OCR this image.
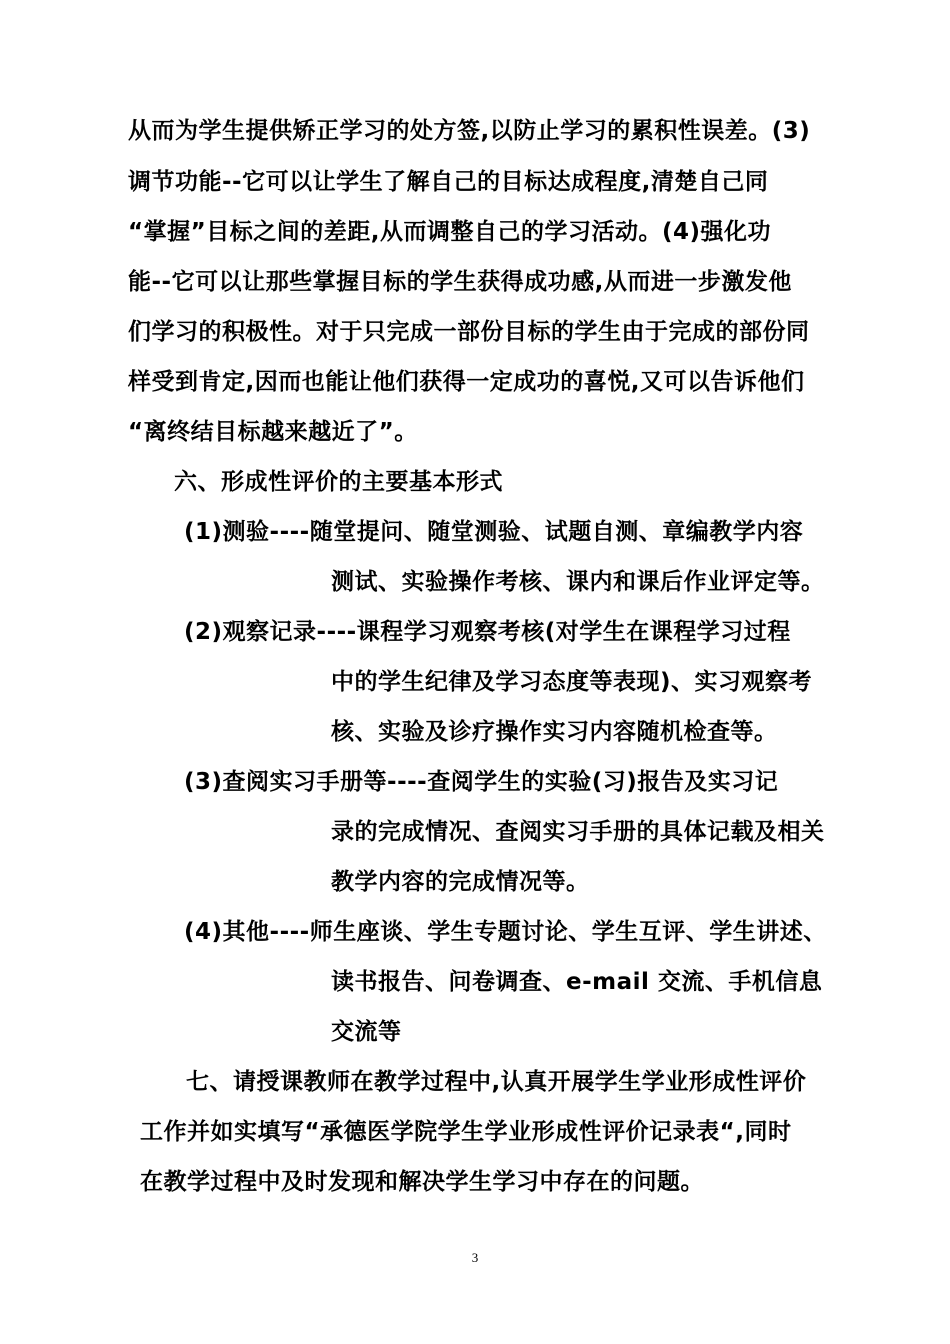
从而为学生提供矫正学习的处方签,以防止学习的累积性误差。(3)
调节功能--它可以让学生了解自己的目标达成程度,清楚自己同
“掌握”目标之间的差距,从而调整自己的学习活动。(4)强化功
能--它可以让那些掌握目标的学生获得成功感,从而进一步激发他
们学习的积极性。对于只完成一部份目标的学生由于完成的部份同
样受到肯定,因而也能让他们获得一定成功的喜悦,又可以告诉他们
“离终结目标越来越近了”。
六、形成性评价的主要基本形式
(1)测验----随堂提问、随堂测验、试题自测、章编教学内容
测试、实验操作考核、课内和课后作业评定等。
(2)观察记录----课程学习观察考核(对学生在课程学习过程
中的学生纪律及学习态度等表现)、实习观察考
核、实验及诊疗操作实习内容随机检查等。
(3)查阅实习手册等----查阅学生的实验(习)报告及实习记
录的完成情况、查阅实习手册的具体记载及相关
教学内容的完成情况等。
(4)其他----师生座谈、学生专题讨论、学生互评、学生讲述、
读书报告、问卷调查、e-mail 交流、手机信息
交流等
七、请授课教师在教学过程中,认真开展学生学业形成性评价
工作并如实填写“承德医学院学生学业形成性评价记录表“,同时
在教学过程中及时发现和解决学生学习中存在的问题。
3
